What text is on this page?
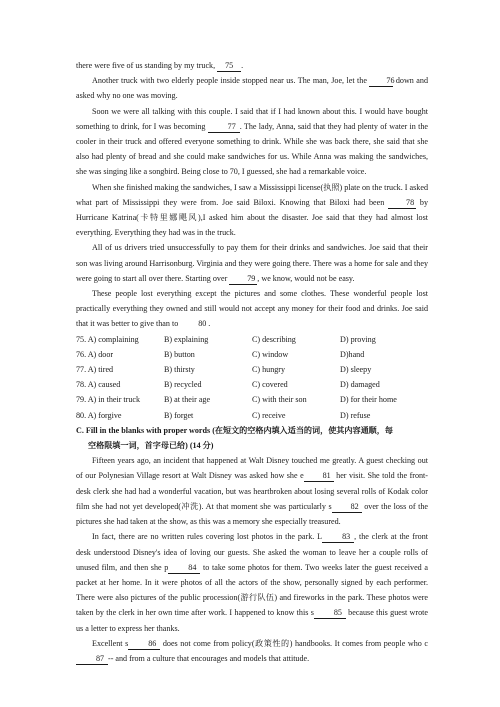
there were five of us standing by my truck, 75 .

Another truck with two elderly people inside stopped near us. The man, Joe, let the 76 down and asked why no one was moving.

Soon we were all talking with this couple. I said that if I had known about this. I would have bought something to drink, for I was becoming 77 . The lady, Anna, said that they had plenty of water in the cooler in their truck and offered everyone something to drink. While she was back there, she said that she also had plenty of bread and she could make sandwiches for us. While Anna was making the sandwiches, she was singing like a songbird. Being close to 70, I guessed, she had a remarkable voice.

When she finished making the sandwiches, I saw a Mississippi license(执照) plate on the truck. I asked what part of Mississippi they were from. Joe said Biloxi. Knowing that Biloxi had been 78 by Hurricane Katrina(卡特里娜飓风),I asked him about the disaster. Joe said that they had almost lost everything. Everything they had was in the truck.

All of us drivers tried unsuccessfully to pay them for their drinks and sandwiches. Joe said that their son was living around Harrisonburg. Virginia and they were going there. There was a home for sale and they were going to start all over there. Starting over 79 , we know, would not be easy.

These people lost everything except the pictures and some clothes. These wonderful people lost practically everything they owned and still would not accept any money for their food and drinks. Joe said that it was better to give than to 80 .

75. A) complaining	B) explaining	C) describing	D) proving
76. A) door	B) button	C) window	D)hand
77. A) tired	B) thirsty	C) hungry	D) sleepy
78. A) caused	B) recycled	C) covered	D) damaged
79. A) in their truck	B) at their age	C) with their son	D) for their home
80. A) forgive	B) forget	C) receive	D) refuse

C. Fill in the blanks with proper words (在短文的空格内填入适当的词，使其内容通顺，每
空格限填一词，首字母已给) (14 分)

Fifteen years ago, an incident that happened at Walt Disney touched me greatly. A guest checking out of our Polynesian Village resort at Walt Disney was asked how she e 81 her visit. She told the front-desk clerk she had had a wonderful vacation, but was heartbroken about losing several rolls of Kodak color film she had not yet developed(冲洗). At that moment she was particularly s 82 over the loss of the pictures she had taken at the show, as this was a memory she especially treasured.

In fact, there are no written rules covering lost photos in the park. L 83 , the clerk at the front desk understood Disney's idea of loving our guests. She asked the woman to leave her a couple rolls of unused film, and then she p 84 to take some photos for them. Two weeks later the guest received a packet at her home. In it were photos of all the actors of the show, personally signed by each performer. There were also pictures of the public procession(游行队伍) and fireworks in the park. These photos were taken by the clerk in her own time after work. I happened to know this s 85 because this guest wrote us a letter to express her thanks.

Excellent s 86 does not come from policy(政策性的) handbooks. It comes from people who c87 -- and from a culture that encourages and models that attitude.
